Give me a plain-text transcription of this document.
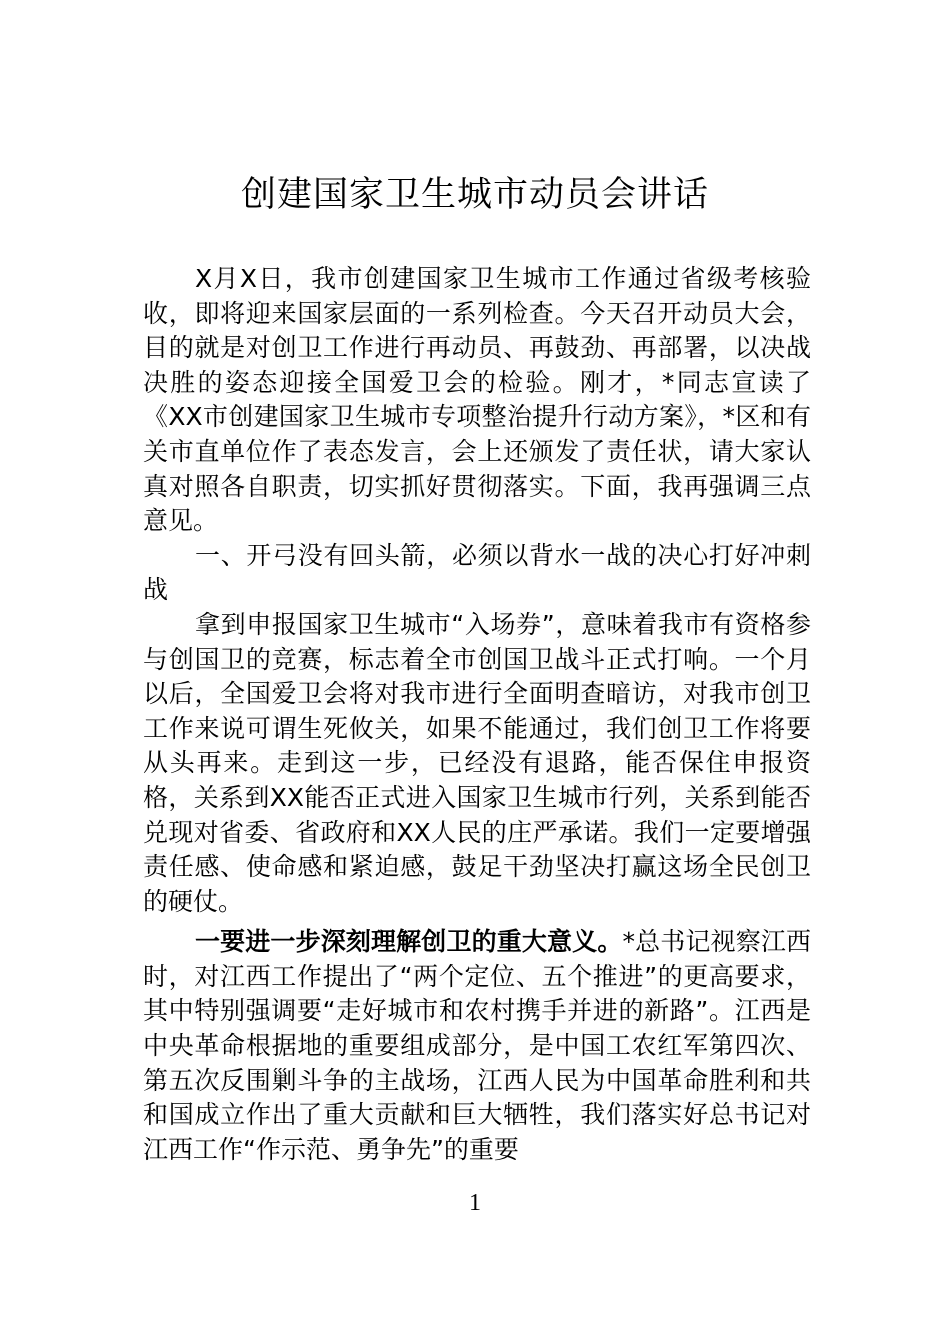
创建国家卫生城市动员会讲话

X月X日，我市创建国家卫生城市工作通过省级考核验收，即将迎来国家层面的一系列检查。今天召开动员大会，目的就是对创卫工作进行再动员、再鼓劲、再部署，以决战决胜的姿态迎接全国爱卫会的检验。刚才，*同志宣读了《XX市创建国家卫生城市专项整治提升行动方案》，*区和有关市直单位作了表态发言，会上还颁发了责任状，请大家认真对照各自职责，切实抓好贯彻落实。下面，我再强调三点意见。

一、开弓没有回头箭，必须以背水一战的决心打好冲刺战

拿到申报国家卫生城市“入场券”，意味着我市有资格参与创国卫的竞赛，标志着全市创国卫战斗正式打响。一个月以后，全国爱卫会将对我市进行全面明查暗访，对我市创卫工作来说可谓生死攸关，如果不能通过，我们创卫工作将要从头再来。走到这一步，已经没有退路，能否保住申报资格，关系到XX能否正式进入国家卫生城市行列，关系到能否兑现对省委、省政府和XX人民的庄严承诺。我们一定要增强责任感、使命感和紧迫感，鼓足干劲坚决打赢这场全民创卫的硬仗。

一要进一步深刻理解创卫的重大意义。*总书记视察江西时，对江西工作提出了“两个定位、五个推进”的更高要求，其中特别强调要“走好城市和农村携手并进的新路”。江西是中央革命根据地的重要组成部分，是中国工农红军第四次、第五次反围剿斗争的主战场，江西人民为中国革命胜利和共和国成立作出了重大贡献和巨大牺牲，我们落实好总书记对江西工作“作示范、勇争先”的重要

1
